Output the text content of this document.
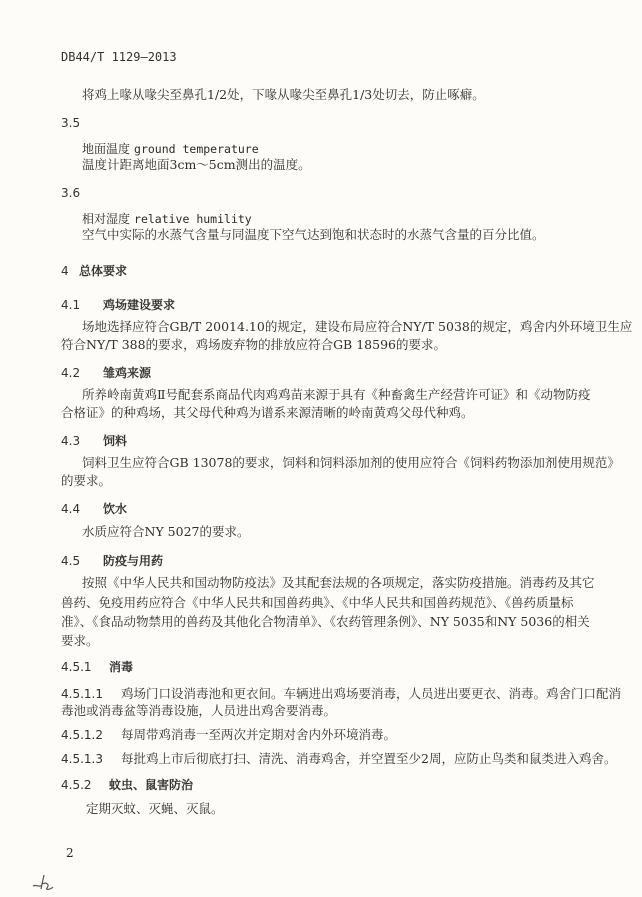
DB44/T 1129—2013
将鸡上喙从喙尖至鼻孔1/2处，下喙从喙尖至鼻孔1/3处切去，防止啄癖。
3.5
地面温度 ground temperature
温度计距离地面3cm～5cm测出的温度。
3.6
相对湿度 relative humility
空气中实际的水蒸气含量与同温度下空气达到饱和状态时的水蒸气含量的百分比值。
4 总体要求
4.1 鸡场建设要求
场地选择应符合GB/T 20014.10的规定，建设布局应符合NY/T 5038的规定，鸡舍内外环境卫生应
符合NY/T 388的要求，鸡场废弃物的排放应符合GB 18596的要求。
4.2 雏鸡来源
所养岭南黄鸡Ⅱ号配套系商品代肉鸡鸡苗来源于具有《种畜禽生产经营许可证》和《动物防疫
合格证》的种鸡场，其父母代种鸡为谱系来源清晰的岭南黄鸡父母代种鸡。
4.3 饲料
饲料卫生应符合GB 13078的要求，饲料和饲料添加剂的使用应符合《饲料药物添加剂使用规范》
的要求。
4.4 饮水
水质应符合NY 5027的要求。
4.5 防疫与用药
按照《中华人民共和国动物防疫法》及其配套法规的各项规定，落实防疫措施。消毒药及其它
兽药、免疫用药应符合《中华人民共和国兽药典》、《中华人民共和国兽药规范》、《兽药质量标
准》、《食品动物禁用的兽药及其他化合物清单》、《农药管理条例》、NY 5035和NY 5036的相关
要求。
4.5.1 消毒
4.5.1.1 鸡场门口设消毒池和更衣间。车辆进出鸡场要消毒，人员进出要更衣、消毒。鸡舍门口配消
毒池或消毒盆等消毒设施，人员进出鸡舍要消毒。
4.5.1.2 每周带鸡消毒一至两次并定期对舍内外环境消毒。
4.5.1.3 每批鸡上市后彻底打扫、清洗、消毒鸡舍，并空置至少2周，应防止鸟类和鼠类进入鸡舍。
4.5.2 蚊虫、鼠害防治
定期灭蚊、灭蝇、灭鼠。
2
